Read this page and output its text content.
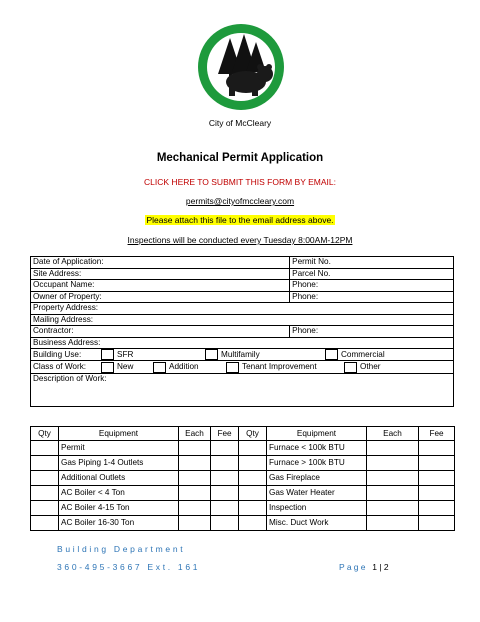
City of McCleary
Mechanical Permit Application
CLICK HERE TO SUBMIT THIS FORM BY EMAIL:
permits@cityofmccleary.com
Please attach this file to the email address above.
Inspections will be conducted every Tuesday 8:00AM-12PM
Date of Application:	Permit No.
Site Address:	Parcel No.
Occupant Name:	Phone:
Owner of Property:	Phone:
Property Address:
Mailing Address:
Contractor:	Phone:
Business Address:

Building Use:		SFR		Multifamily		Commercial

Class of Work:		New		Addition		Tenant Improvement		Other

Description of Work:
Qty	Equipment	Each	Fee	Qty	Equipment	Each	Fee
	Permit				Furnace < 100k BTU		
	Gas Piping 1-4 Outlets				Furnace > 100k BTU		
	Additional Outlets				Gas Fireplace		
	AC Boiler < 4 Ton				Gas Water Heater		
	AC Boiler 4-15 Ton				Inspection		
	AC Boiler 16-30 Ton				Misc. Duct Work		
Building Department
360-495-3667 Ext. 161	Page 1 | 2
